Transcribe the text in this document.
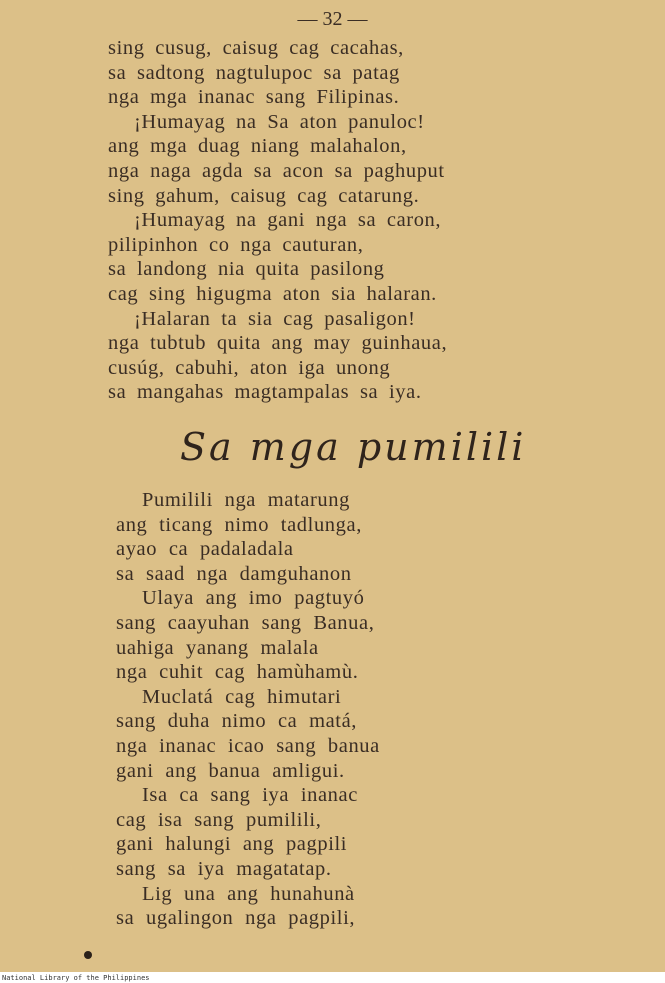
— 32 —
sing cusug, caisug cag cacahas,
sa sadtong nagtulupoc sa patag
nga mga inanac sang Filipinas.
¡Humayag na Sa aton panuloc!
ang mga duag niang malahalon,
nga naga agda sa acon sa paghuput
sing gahum, caisug cag catarung.
¡Humayag na gani nga sa caron,
pilipinhon co nga cauturan,
sa landong nia quita pasilong
cag sing higugma aton sia halaran.
¡Halaran ta sia cag pasaligon!
nga tubtub quita ang may guinhaua,
cusúg, cabuhi, aton iga unong
sa mangahas magtampalas sa iya.
Sa mga pumilili
Pumilili nga matarung
ang ticang nimo tadlunga,
ayao ca padaladala
sa saad nga damguhanon
Ulaya ang imo pagtuyó
sang caayuhan sang Banua,
uahiga yanang malala
nga cuhit cag hamùhamù.
Muclatá cag himutari
sang duha nimo ca matá,
nga inanac icao sang banua
gani ang banua amligui.
Isa ca sang iya inanac
cag isa sang pumilili,
gani halungi ang pagpili
sang sa iya magatatap.
Lig una ang hunahunà
sa ugalingon nga pagpili,
National Library of the Philippines
